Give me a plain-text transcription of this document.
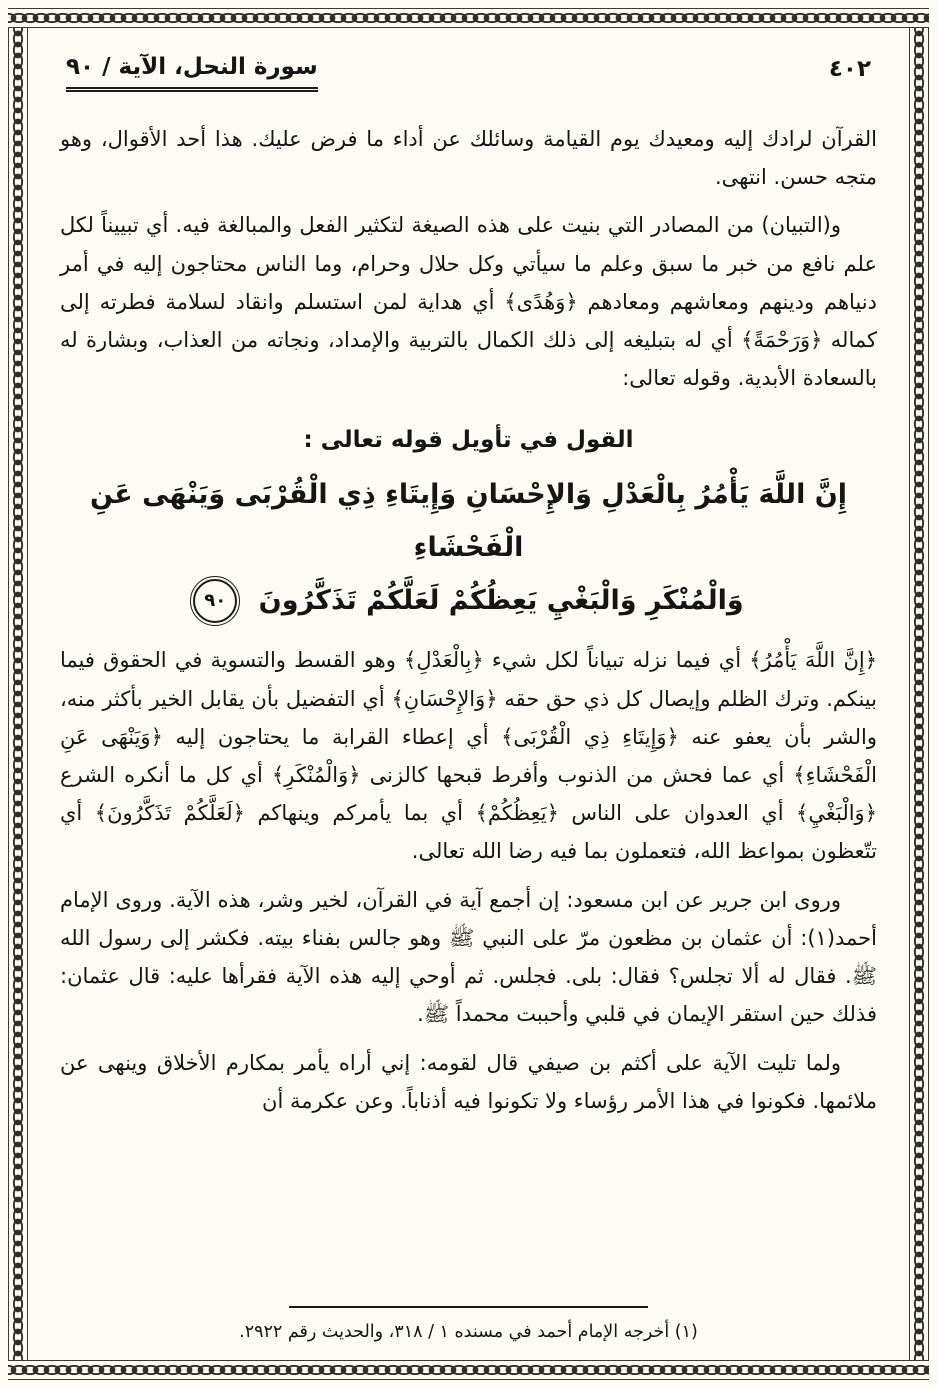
٤٠٢
سورة النحل، الآية / ٩٠

القرآن لرادك إليه ومعيدك يوم القيامة وسائلك عن أداء ما فرض عليك. هذا أحد الأقوال، وهو متجه حسن. انتهى.

و(التبيان) من المصادر التي بنيت على هذه الصيغة لتكثير الفعل والمبالغة فيه. أي تبييناً لكل علم نافع من خبر ما سبق وعلم ما سيأتي وكل حلال وحرام، وما الناس محتاجون إليه في أمر دنياهم ودينهم ومعاشهم ومعادهم ﴿وَهُدًى﴾ أي هداية لمن استسلم وانقاد لسلامة فطرته إلى كماله ﴿وَرَحْمَةً﴾ أي له بتبليغه إلى ذلك الكمال بالتربية والإمداد، ونجاته من العذاب، وبشارة له بالسعادة الأبدية. وقوله تعالى:

القول في تأويل قوله تعالى :
إِنَّ اللَّهَ يَأْمُرُ بِالْعَدْلِ وَالإِحْسَانِ وَإِيتَاءِ ذِي الْقُرْبَى وَيَنْهَى عَنِ الْفَحْشَاءِ
وَالْمُنْكَرِ وَالْبَغْيِ يَعِظُكُمْ لَعَلَّكُمْ تَذَكَّرُونَ ٩٠

﴿إِنَّ اللَّهَ يَأْمُرُ﴾ أي فيما نزله تبياناً لكل شيء ﴿بِالْعَدْلِ﴾ وهو القسط والتسوية في الحقوق فيما بينكم. وترك الظلم وإيصال كل ذي حق حقه ﴿وَالإِحْسَانِ﴾ أي التفضيل بأن يقابل الخير بأكثر منه، والشر بأن يعفو عنه ﴿وَإِيتَاءِ ذِي الْقُرْبَى﴾ أي إعطاء القرابة ما يحتاجون إليه ﴿وَيَنْهَى عَنِ الْفَحْشَاءِ﴾ أي عما فحش من الذنوب وأفرط قبحها كالزنى ﴿وَالْمُنْكَرِ﴾ أي كل ما أنكره الشرع ﴿وَالْبَغْيِ﴾ أي العدوان على الناس ﴿يَعِظُكُمْ﴾ أي بما يأمركم وينهاكم ﴿لَعَلَّكُمْ تَذَكَّرُونَ﴾ أي تتّعظون بمواعظ الله، فتعملون بما فيه رضا الله تعالى.

وروى ابن جرير عن ابن مسعود: إن أجمع آية في القرآن، لخير وشر، هذه الآية. وروى الإمام أحمد(١): أن عثمان بن مظعون مرّ على النبي ﷺ وهو جالس بفناء بيته. فكشر إلى رسول الله ﷺ. فقال له ألا تجلس؟ فقال: بلى. فجلس. ثم أوحي إليه هذه الآية فقرأها عليه: قال عثمان: فذلك حين استقر الإيمان في قلبي وأحببت محمداً ﷺ.

ولما تليت الآية على أكثم بن صيفي قال لقومه: إني أراه يأمر بمكارم الأخلاق وينهى عن ملائمها. فكونوا في هذا الأمر رؤساء ولا تكونوا فيه أذناباً. وعن عكرمة أن

(١) أخرجه الإمام أحمد في مسنده ١ / ٣١٨، والحديث رقم ٢٩٢٢.
